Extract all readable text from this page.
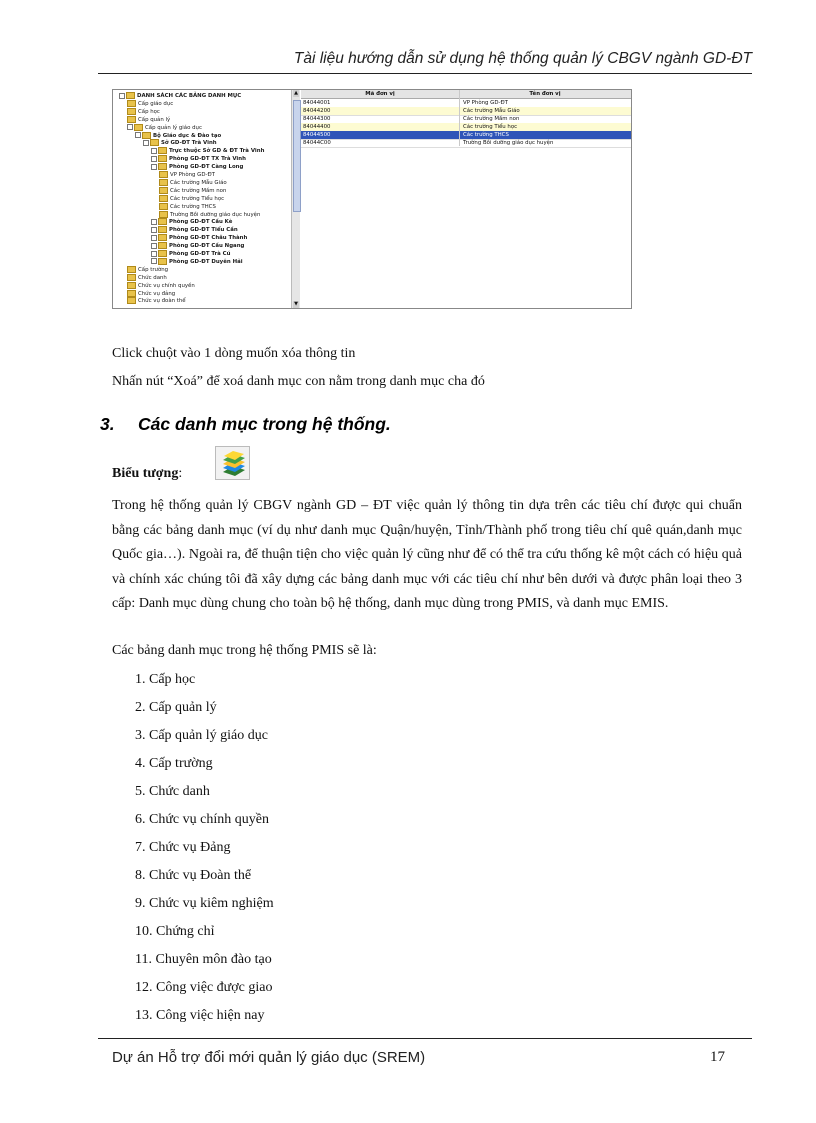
Tài liệu hướng dẫn sử dụng hệ thống quản lý CBGV ngành GD-ĐT
DANH SÁCH CÁC BẢNG DANH MỤC
Cấp giáo dục
Cấp học
Cấp quản lý
Cấp quản lý giáo dục
Bộ Giáo dục & Đào tạo
Sở GD-ĐT Trà Vinh
Trực thuộc Sở GD & ĐT Trà Vinh
Phòng GD-ĐT TX Trà Vinh
Phòng GD-ĐT Càng Long
VP Phòng GD-ĐT
Các trường Mẫu Giáo
Các trường Mầm non
Các trường Tiểu học
Các trường THCS
Trường Bồi dưỡng giáo dục huyện
Phòng GD-ĐT Cầu Kè
Phòng GD-ĐT Tiểu Cần
Phòng GD-ĐT Châu Thành
Phòng GD-ĐT Cầu Ngang
Phòng GD-ĐT Trà Cú
Phòng GD-ĐT Duyên Hải
Cấp trường
Chức danh
Chức vụ chính quyền
Chức vụ đảng
Chức vụ đoàn thể
▲
▼
Mã đơn vị	Tên đơn vị
84044001	VP Phòng GD-ĐT
84044200	Các trường Mẫu Giáo
84044300	Các trường Mầm non
84044400	Các trường Tiểu học
84044500	Các trường THCS
84044C00	Trường Bồi dưỡng giáo dục huyện
Click chuột vào 1 dòng muốn xóa thông tin
Nhấn nút “Xoá” để xoá danh mục con nằm trong danh mục cha đó
3. Các danh mục trong hệ thống.
Biểu tượng:
Trong hệ thống quản lý CBGV ngành GD – ĐT việc quản lý thông tin dựa trên các tiêu chí được qui chuẩn bằng các bảng danh mục (ví dụ như danh mục Quận/huyện, Tỉnh/Thành phố trong tiêu chí quê quán,danh mục Quốc gia…). Ngoài ra, để thuận tiện cho việc quản lý cũng như để có thể tra cứu thống kê một cách có hiệu quả và chính xác chúng tôi đã xây dựng các bảng danh mục với các tiêu chí như bên dưới và được phân loại theo 3 cấp: Danh mục dùng chung cho toàn bộ hệ thống, danh mục dùng trong PMIS, và danh mục EMIS.
Các bảng danh mục trong hệ thống PMIS sẽ là:
1. Cấp học
2. Cấp quản lý
3. Cấp quản lý giáo dục
4. Cấp trường
5. Chức danh
6. Chức vụ chính quyền
7. Chức vụ Đảng
8. Chức vụ Đoàn thể
9. Chức vụ kiêm nghiệm
10. Chứng chỉ
11. Chuyên môn đào tạo
12. Công việc được giao
13. Công việc hiện nay
Dự án Hỗ trợ đổi mới quản lý giáo dục (SREM)	17
